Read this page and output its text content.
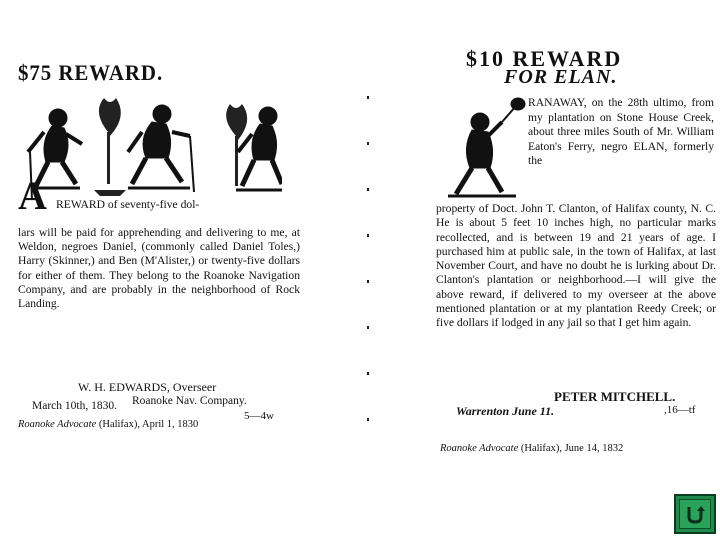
$75 REWARD.
A REWARD of seventy-five dol-

lars will be paid for apprehending and delivering to me, at Weldon, negroes Daniel, (commonly called Daniel Toles,) Harry (Skinner,) and Ben (M'Alister,) or twenty-five dollars for either of them. They belong to the Roanoke Navigation Company, and are probably in the neighborhood of Rock Landing.

W. H. EDWARDS, Overseer
Roanoke Nav. Company.
March 10th, 1830.
5—4w
Roanoke Advocate (Halifax), April 1, 1830
$10 REWARD
FOR ELAN.
RANAWAY, on the 28th ultimo, from my plantation on Stone House Creek, about three miles South of Mr. William Eaton's Ferry, negro ELAN, formerly the
property of Doct. John T. Clanton, of Halifax county, N. C. He is about 5 feet 10 inches high, no particular marks recollected, and is between 19 and 21 years of age. I purchased him at public sale, in the town of Halifax, at last November Court, and have no doubt he is lurking about Dr. Clanton's plantation or neighborhood.—I will give the above reward, if delivered to my overseer at the above mentioned plantation or at my plantation Reedy Creek; or five dollars if lodged in any jail so that I get him again.
PETER MITCHELL.
Warrenton June 11.	,16—tf
Roanoke Advocate (Halifax), June 14, 1832
